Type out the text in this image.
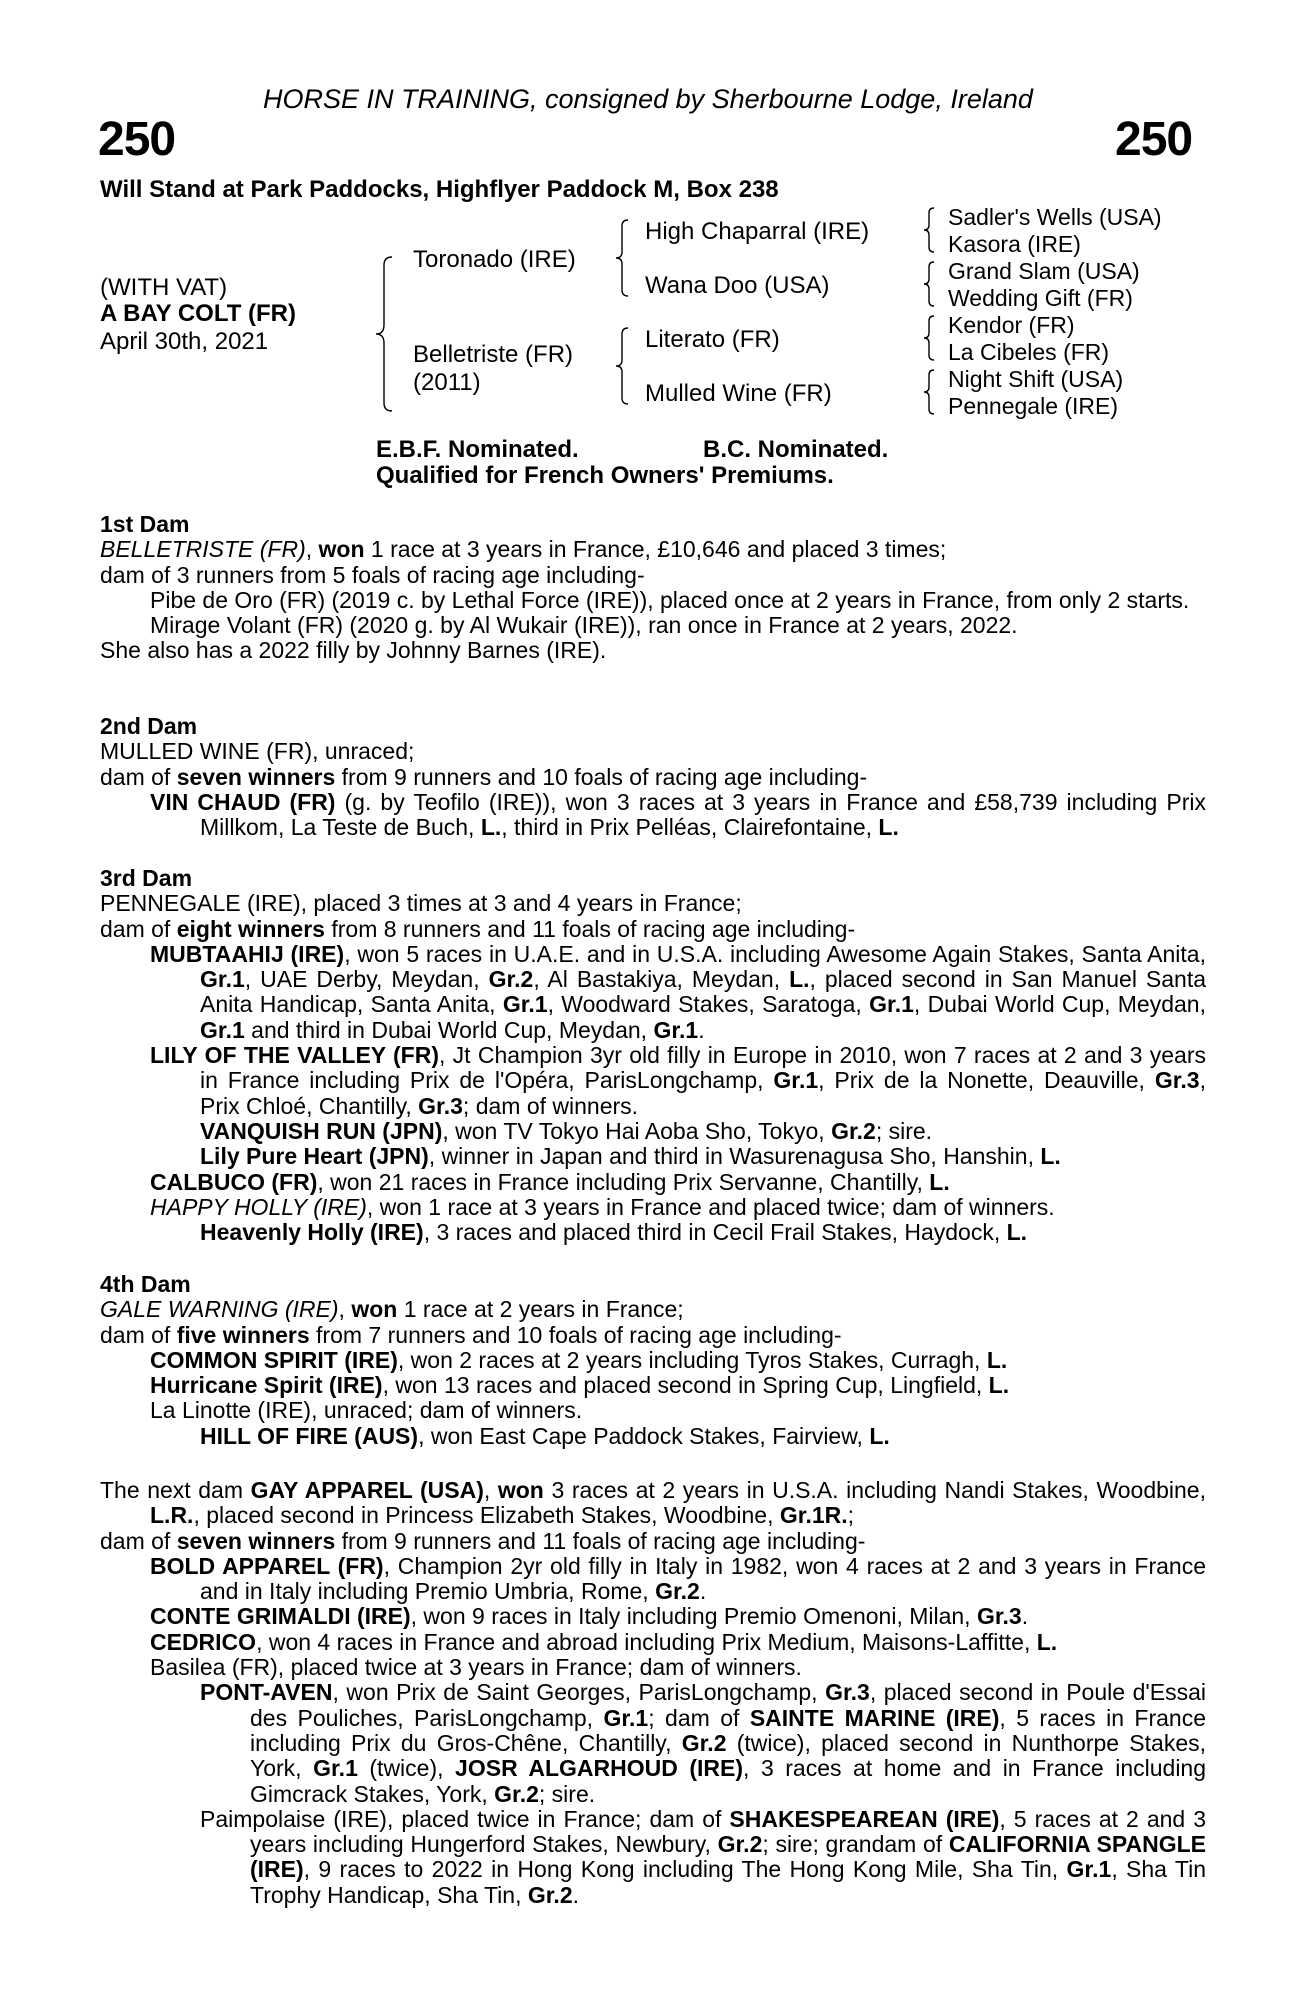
HORSE IN TRAINING, consigned by Sherbourne Lodge, Ireland
250	250
Will Stand at Park Paddocks, Highflyer Paddock M, Box 238
(WITH VAT)
A BAY COLT (FR)
April 30th, 2021
Toronado (IRE)
Belletriste (FR)
(2011)
High Chaparral (IRE)
Wana Doo (USA)
Literato (FR)
Mulled Wine (FR)
Sadler's Wells (USA)
Kasora (IRE)
Grand Slam (USA)
Wedding Gift (FR)
Kendor (FR)
La Cibeles (FR)
Night Shift (USA)
Pennegale (IRE)
E.B.F. Nominated.	B.C. Nominated.
Qualified for French Owners' Premiums.

1st Dam

BELLETRISTE (FR), won 1 race at 3 years in France, £10,646 and placed 3 times;

dam of 3 runners from 5 foals of racing age including-

Pibe de Oro (FR) (2019 c. by Lethal Force (IRE)), placed once at 2 years in France, from only 2 starts.

Mirage Volant (FR) (2020 g. by Al Wukair (IRE)), ran once in France at 2 years, 2022.

She also has a 2022 filly by Johnny Barnes (IRE).

2nd Dam

MULLED WINE (FR), unraced;

dam of seven winners from 9 runners and 10 foals of racing age including-

VIN CHAUD (FR) (g. by Teofilo (IRE)), won 3 races at 3 years in France and £58,739 including Prix Millkom, La Teste de Buch, L., third in Prix Pelléas, Clairefontaine, L.

3rd Dam

PENNEGALE (IRE), placed 3 times at 3 and 4 years in France;

dam of eight winners from 8 runners and 11 foals of racing age including-

MUBTAAHIJ (IRE), won 5 races in U.A.E. and in U.S.A. including Awesome Again Stakes, Santa Anita, Gr.1, UAE Derby, Meydan, Gr.2, Al Bastakiya, Meydan, L., placed second in San Manuel Santa Anita Handicap, Santa Anita, Gr.1, Woodward Stakes, Saratoga, Gr.1, Dubai World Cup, Meydan, Gr.1 and third in Dubai World Cup, Meydan, Gr.1.

LILY OF THE VALLEY (FR), Jt Champion 3yr old filly in Europe in 2010, won 7 races at 2 and 3 years in France including Prix de l'Opéra, ParisLongchamp, Gr.1, Prix de la Nonette, Deauville, Gr.3, Prix Chloé, Chantilly, Gr.3; dam of winners.

VANQUISH RUN (JPN), won TV Tokyo Hai Aoba Sho, Tokyo, Gr.2; sire.

Lily Pure Heart (JPN), winner in Japan and third in Wasurenagusa Sho, Hanshin, L.

CALBUCO (FR), won 21 races in France including Prix Servanne, Chantilly, L.

HAPPY HOLLY (IRE), won 1 race at 3 years in France and placed twice; dam of winners.

Heavenly Holly (IRE), 3 races and placed third in Cecil Frail Stakes, Haydock, L.

4th Dam

GALE WARNING (IRE), won 1 race at 2 years in France;

dam of five winners from 7 runners and 10 foals of racing age including-

COMMON SPIRIT (IRE), won 2 races at 2 years including Tyros Stakes, Curragh, L.

Hurricane Spirit (IRE), won 13 races and placed second in Spring Cup, Lingfield, L.

La Linotte (IRE), unraced; dam of winners.

HILL OF FIRE (AUS), won East Cape Paddock Stakes, Fairview, L.

The next dam GAY APPAREL (USA), won 3 races at 2 years in U.S.A. including Nandi Stakes, Woodbine, L.R., placed second in Princess Elizabeth Stakes, Woodbine, Gr.1R.;

dam of seven winners from 9 runners and 11 foals of racing age including-

BOLD APPAREL (FR), Champion 2yr old filly in Italy in 1982, won 4 races at 2 and 3 years in France and in Italy including Premio Umbria, Rome, Gr.2.

CONTE GRIMALDI (IRE), won 9 races in Italy including Premio Omenoni, Milan, Gr.3.

CEDRICO, won 4 races in France and abroad including Prix Medium, Maisons-Laffitte, L.

Basilea (FR), placed twice at 3 years in France; dam of winners.

PONT-AVEN, won Prix de Saint Georges, ParisLongchamp, Gr.3, placed second in Poule d'Essai des Pouliches, ParisLongchamp, Gr.1; dam of SAINTE MARINE (IRE), 5 races in France including Prix du Gros-Chêne, Chantilly, Gr.2 (twice), placed second in Nunthorpe Stakes, York, Gr.1 (twice), JOSR ALGARHOUD (IRE), 3 races at home and in France including Gimcrack Stakes, York, Gr.2; sire.

Paimpolaise (IRE), placed twice in France; dam of SHAKESPEAREAN (IRE), 5 races at 2 and 3 years including Hungerford Stakes, Newbury, Gr.2; sire; grandam of CALIFORNIA SPANGLE (IRE), 9 races to 2022 in Hong Kong including The Hong Kong Mile, Sha Tin, Gr.1, Sha Tin Trophy Handicap, Sha Tin, Gr.2.
